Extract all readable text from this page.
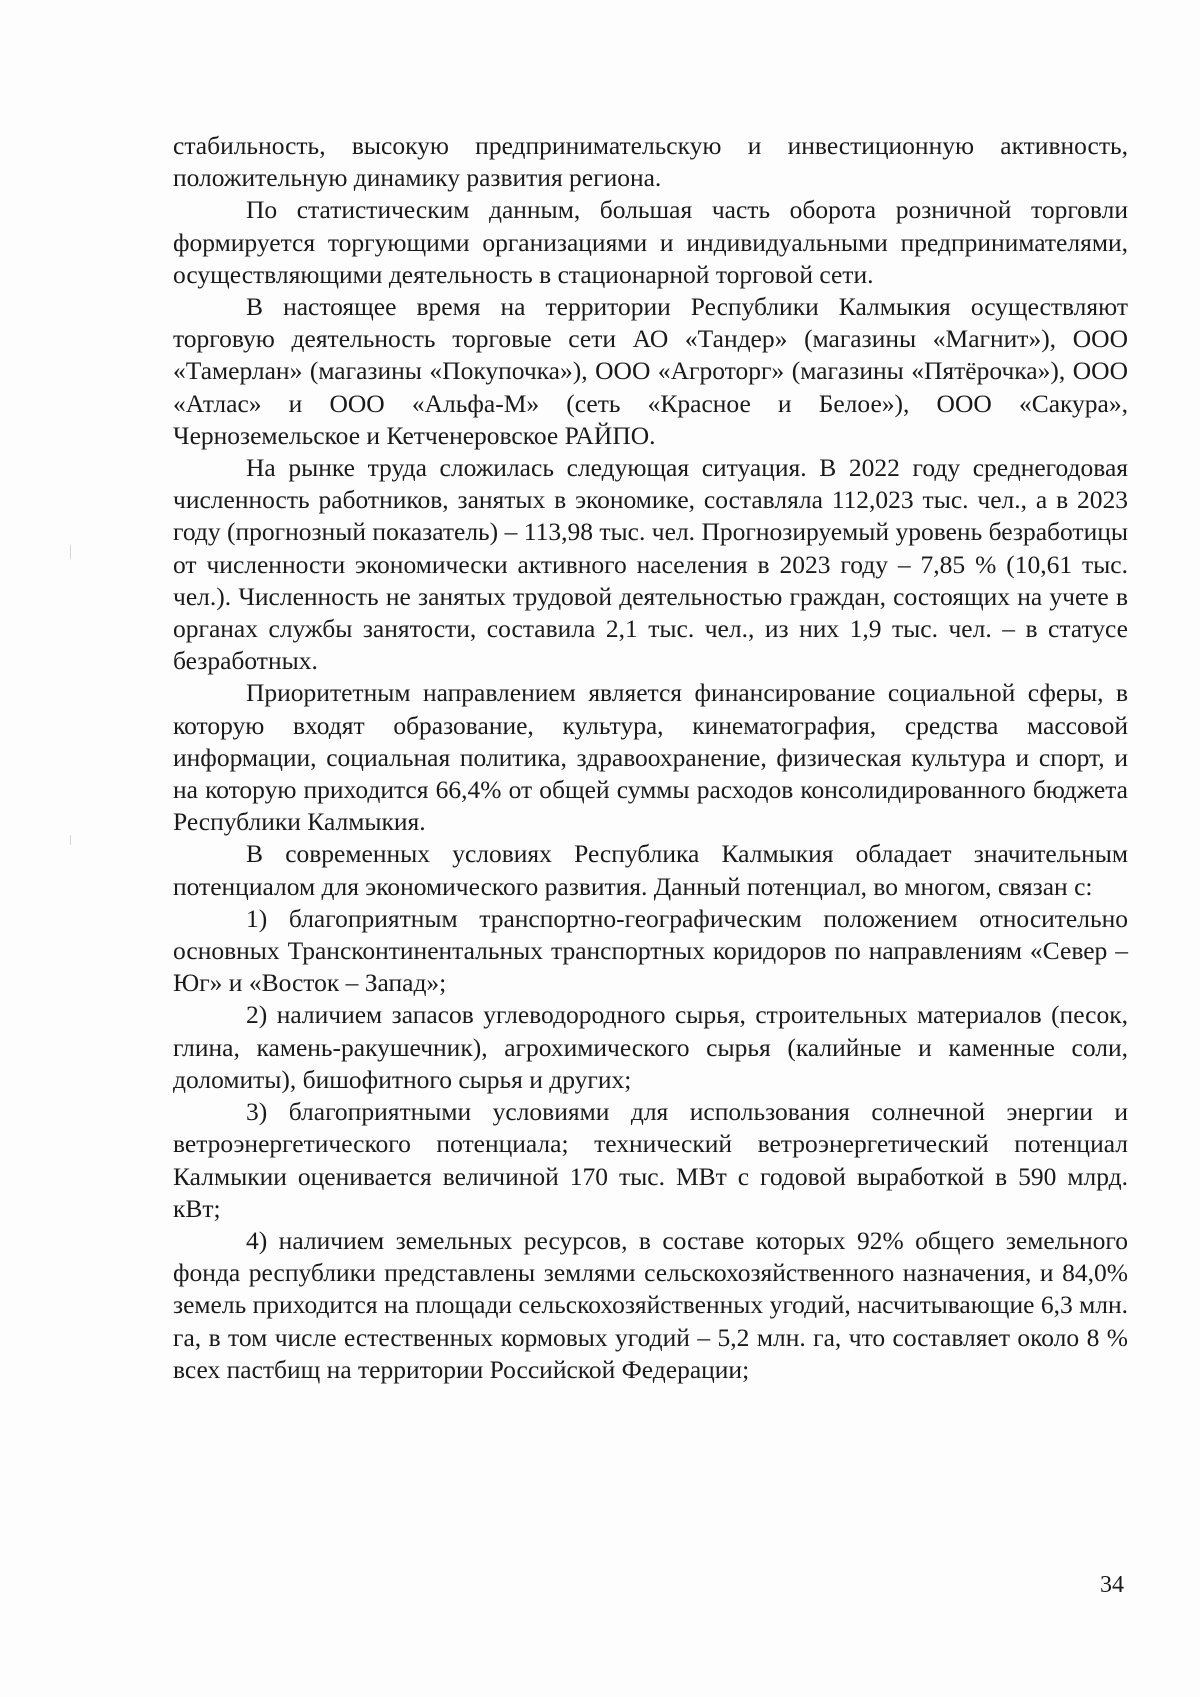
стабильность, высокую предпринимательскую и инвестиционную активность, положительную динамику развития региона.

По статистическим данным, большая часть оборота розничной торговли формируется торгующими организациями и индивидуальными предпринимателями, осуществляющими деятельность в стационарной торговой сети.

В настоящее время на территории Республики Калмыкия осуществляют торговую деятельность торговые сети АО «Тандер» (магазины «Магнит»), ООО «Тамерлан» (магазины «Покупочка»), ООО «Агроторг» (магазины «Пятёрочка»), ООО «Атлас» и ООО «Альфа-М» (сеть «Красное и Белое»), ООО «Сакура», Черноземельское и Кетченеровское РАЙПО.

На рынке труда сложилась следующая ситуация. В 2022 году среднегодовая численность работников, занятых в экономике, составляла 112,023 тыс. чел., а в 2023 году (прогнозный показатель) – 113,98 тыс. чел. Прогнозируемый уровень безработицы от численности экономически активного населения в 2023 году – 7,85 % (10,61 тыс. чел.). Численность не занятых трудовой деятельностью граждан, состоящих на учете в органах службы занятости, составила 2,1 тыс. чел., из них 1,9 тыс. чел. – в статусе безработных.

Приоритетным направлением является финансирование социальной сферы, в которую входят образование, культура, кинематография, средства массовой информации, социальная политика, здравоохранение, физическая культура и спорт, и на которую приходится 66,4% от общей суммы расходов консолидированного бюджета Республики Калмыкия.

В современных условиях Республика Калмыкия обладает значительным потенциалом для экономического развития. Данный потенциал, во многом, связан с:

1) благоприятным транспортно-географическим положением относительно основных Трансконтинентальных транспортных коридоров по направлениям «Север – Юг» и «Восток – Запад»;

2) наличием запасов углеводородного сырья, строительных материалов (песок, глина, камень-ракушечник), агрохимического сырья (калийные и каменные соли, доломиты), бишофитного сырья и других;

3) благоприятными условиями для использования солнечной энергии и ветроэнергетического потенциала; технический ветроэнергетический потенциал Калмыкии оценивается величиной 170 тыс. МВт с годовой выработкой в 590 млрд. кВт;

4) наличием земельных ресурсов, в составе которых 92% общего земельного фонда республики представлены землями сельскохозяйственного назначения, и 84,0% земель приходится на площади сельскохозяйственных угодий, насчитывающие 6,3 млн. га, в том числе естественных кормовых угодий – 5,2 млн. га, что составляет около 8 % всех пастбищ на территории Российской Федерации;

34
